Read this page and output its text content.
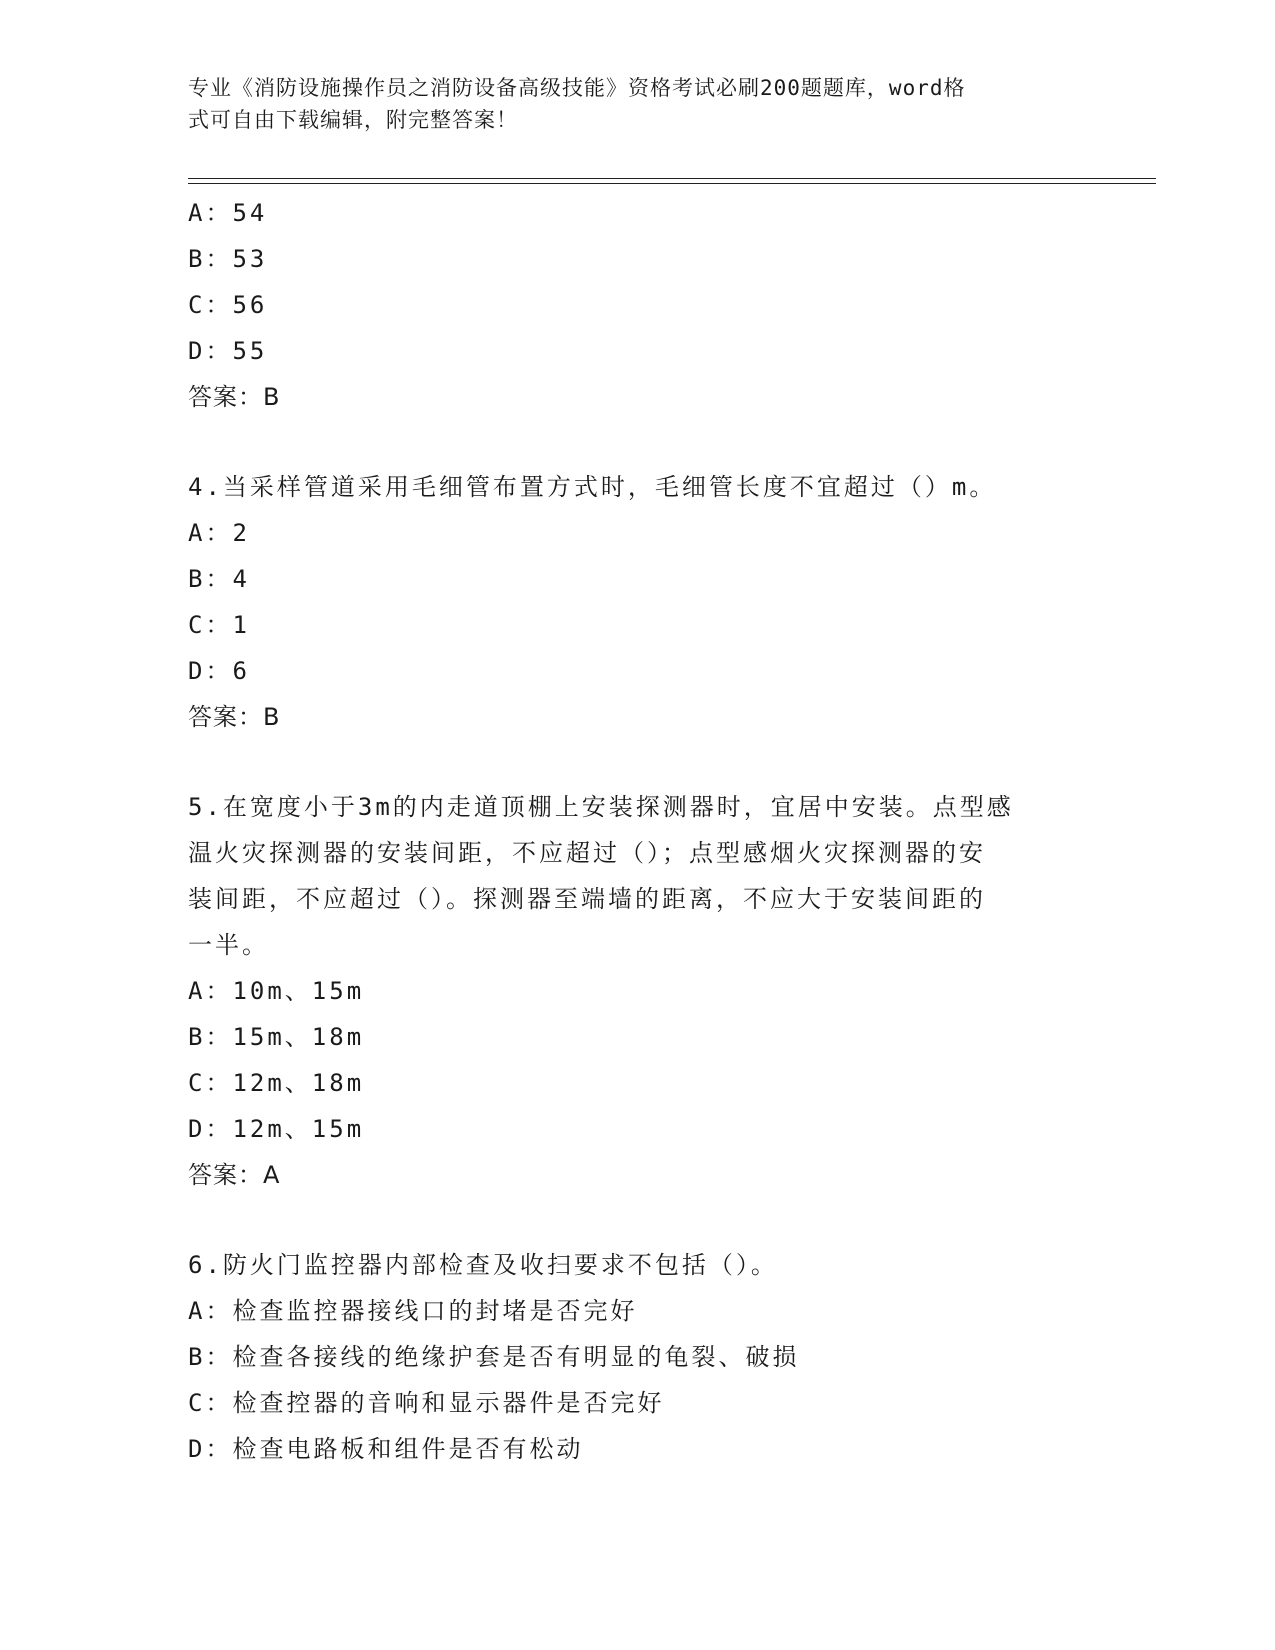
专业《消防设施操作员之消防设备高级技能》资格考试必刷200题题库，word格
式可自由下载编辑，附完整答案！
A：54
B：53
C：56
D：55
答案：B
4.当采样管道采用毛细管布置方式时，毛细管长度不宜超过（）m。
A：2
B：4
C：1
D：6
答案：B
5.在宽度小于3m的内走道顶棚上安装探测器时，宜居中安装。点型感
温火灾探测器的安装间距，不应超过（）；点型感烟火灾探测器的安
装间距，不应超过（）。探测器至端墙的距离，不应大于安装间距的
一半。
A：10m、15m
B：15m、18m
C：12m、18m
D：12m、15m
答案：A
6.防火门监控器内部检查及收扫要求不包括（）。
A：检查监控器接线口的封堵是否完好
B：检查各接线的绝缘护套是否有明显的龟裂、破损
C：检查控器的音响和显示器件是否完好
D：检查电路板和组件是否有松动
